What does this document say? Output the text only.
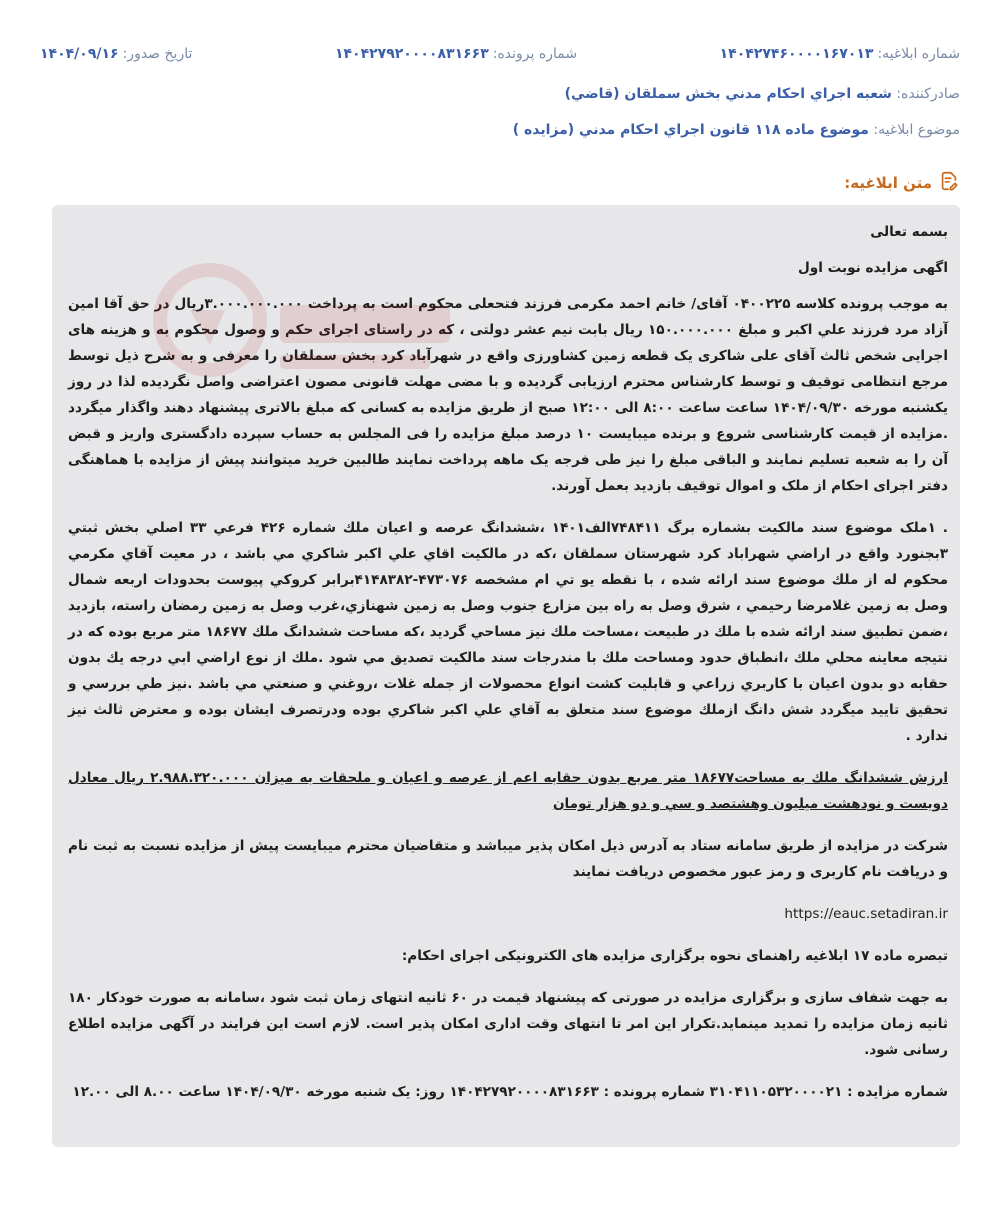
شماره ابلاغیه:
۱۴۰۴۲۷۴۶۰۰۰۰۱۶۷۰۱۳
شماره پرونده:
۱۴۰۴۲۷۹۲۰۰۰۰۸۳۱۶۶۳
تاریخ صدور:
۱۴۰۴/۰۹/۱۶
صادرکننده: شعبه اجراي احكام مدني بخش سملقان (قاضي)
موضوع ابلاغیه: موضوع ماده ۱۱۸ قانون اجراي احكام مدني (مزايده )
متن ابلاغیه:

بسمه تعالی

اگهی مزایده نوبت اول

به موجب پرونده کلاسه ۰۴۰۰۲۲۵ آقای/ خانم احمد مکرمی فرزند فتحعلی محکوم است به پرداخت ۳.۰۰۰.۰۰۰.۰۰۰ریال در حق آقا امین آزاد مرد فرزند علي اکبر و مبلغ ۱۵۰.۰۰۰.۰۰۰ ریال بابت نیم عشر دولتی ، که در راستای اجرای حکم و وصول محکوم به و هزینه های اجرایی شخص ثالث آقای علی شاکری یک قطعه زمین کشاورزی واقع در شهرآباد کرد بخش سملقان را معرفی و به شرح ذیل توسط مرجع انتظامی توقیف و توسط کارشناس محترم ارزیابی گردیده و با مضی مهلت قانونی مصون اعتراضی واصل نگردیده لذا در روز یکشنبه مورخه ۱۴۰۴/۰۹/۳۰ ساعت ساعت ۸:۰۰ الی ۱۲:۰۰ صبح از طریق مزایده به کسانی که مبلغ بالاتری پیشنهاد دهند واگذار میگردد .مزایده از قیمت کارشناسی شروع و برنده میبایست ۱۰ درصد مبلغ مزایده را فی المجلس به حساب سپرده دادگستری واریز و قبض آن را به شعبه تسلیم نمایند و الباقی مبلغ را نیز طی فرجه یک ماهه پرداخت نمایند طالبین خرید میتوانند پیش از مزایده با هماهنگی دفتر اجرای احکام از ملک و اموال توقیف بازدید بعمل آورند.

. ۱ملک موضوع سند مالكيت بشماره برگ ۷۴۸۴۱۱الف۱۴۰۱ ،ششدانگ عرصه و اعيان ملك شماره ۴۲۶ فرعي ۳۳ اصلي بخش ثبتي ۳بجنورد واقع در اراضي شهراباد كرد شهرستان سملقان ،كه در مالكيت اقاي علي اكبر شاكري مي باشد ، در معيت آقاي مكرمي محكوم له از ملك موضوع سند ارائه شده ، با نقطه يو تي ام مشخصه ۴۷۳۰۷۶-۴۱۴۸۳۸۲برابر كروكي پيوست بحدودات اربعه شمال وصل به زمين غلامرضا رحيمي ، شرق وصل به راه بين مزارع جنوب وصل به زمين شهنازي،غرب وصل به زمين رمضان راسته، بازديد ،ضمن تطبيق سند ارائه شده با ملك در طبيعت ،مساحت ملك نيز مساحي گرديد ،كه مساحت ششدانگ ملك ۱۸۶۷۷ متر مربع بوده كه در نتيجه معاينه محلي ملك ،انطباق حدود ومساحت ملك با مندرجات سند مالكيت تصديق مي شود .ملك از نوع اراضي ابي درجه يك بدون حقابه دو بدون اعيان با كاربري زراعي و قابليت كشت انواع محصولات از جمله غلات ،روغني و صنعتي مي باشد .نيز طي بررسي و تحقيق تاييد ميگردد شش دانگ ازملك موضوع سند متعلق به آقاي علي اكبر شاكري بوده ودرتصرف ايشان بوده و معترض ثالث نيز ندارد .

ارزش ششدانگ ملك به مساحت۱۸۶۷۷ متر مربع بدون حقابه اعم از عرصه و اعيان و ملحقات به ميزان ۲.۹۸۸.۳۲۰.۰۰۰ ريال معادل دويست و نودهشت ميليون وهشتصد و سي و دو هزار تومان

شرکت در مزایده از طریق سامانه ستاد به آدرس ذیل امکان پذیر میباشد و متقاضیان محترم میبایست پیش از مزایده نسبت به ثبت نام و دریافت نام کاربری و رمز عبور مخصوص دریافت نمایند

https://eauc.setadiran.ir

تبصره ماده ۱۷ ابلاغیه راهنمای نحوه برگزاری مزایده های الکترونیکی اجرای احکام:

به جهت شفاف سازی و برگزاری مزایده در صورتی که پیشنهاد قیمت در ۶۰ ثانیه انتهای زمان ثبت شود ،سامانه به صورت خودکار ۱۸۰ ثانیه زمان مزایده را تمدید مینماید.تکرار این امر تا انتهای وقت اداری امکان پذیر است. لازم است این فرایند در آگهی مزایده اطلاع رسانی شود.

شماره مزایده : ۳۱۰۴۱۱۰۵۳۲۰۰۰۰۲۱ شماره پرونده : ۱۴۰۴۲۷۹۲۰۰۰۰۸۳۱۶۶۳ روز: یک شنبه مورخه ۱۴۰۴/۰۹/۳۰ ساعت ۸.۰۰ الی ۱۲.۰۰
